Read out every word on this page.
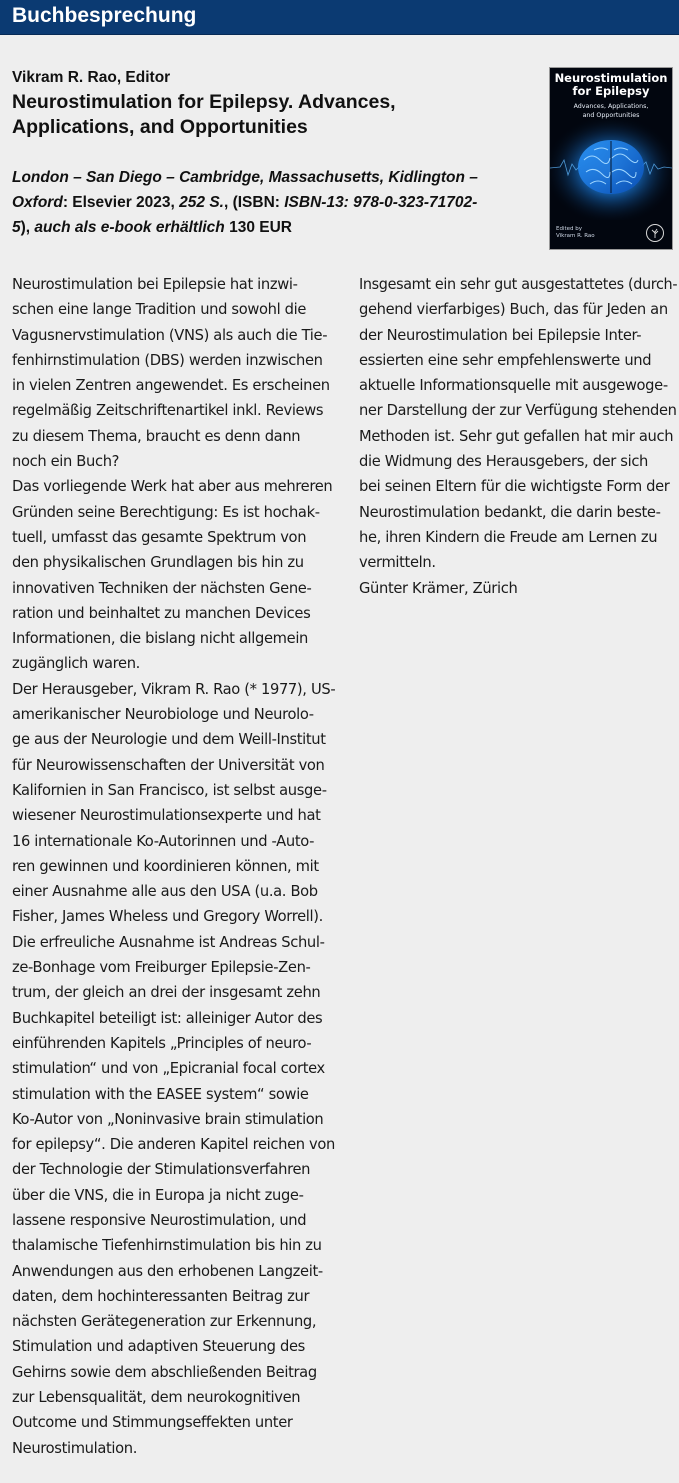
Buchbesprechung
Vikram R. Rao, Editor
Neurostimulation for Epilepsy. Advances,
Applications, and Opportunities
London – San Diego – Cambridge, Massachusetts, Kidlington –
Oxford: Elsevier 2023, 252 S., (ISBN: ISBN-13: 978-0-323-71702-
5), auch als e-book erhältlich 130 EUR
Neurostimulation
for Epilepsy
Advances, Applications,
and Opportunities
Edited by
Vikram R. Rao
Neurostimulation bei Epilepsie hat inzwi-
schen eine lange Tradition und sowohl die
Vagusnervstimulation (VNS) als auch die Tie-
fenhirnstimulation (DBS) werden inzwischen
in vielen Zentren angewendet. Es erscheinen
regelmäßig Zeitschriftenartikel inkl. Reviews
zu diesem Thema, braucht es denn dann
noch ein Buch?
Das vorliegende Werk hat aber aus mehreren
Gründen seine Berechtigung: Es ist hochak-
tuell, umfasst das gesamte Spektrum von
den physikalischen Grundlagen bis hin zu
innovativen Techniken der nächsten Gene-
ration und beinhaltet zu manchen Devices
Informationen, die bislang nicht allgemein
zugänglich waren.
Der Herausgeber, Vikram R. Rao (* 1977), US-
amerikanischer Neurobiologe und Neurolo-
ge aus der Neurologie und dem Weill-Institut
für Neurowissenschaften der Universität von
Kalifornien in San Francisco, ist selbst ausge-
wiesener Neurostimulationsexperte und hat
16 internationale Ko-Autorinnen und -Auto-
ren gewinnen und koordinieren können, mit
einer Ausnahme alle aus den USA (u.a. Bob
Fisher, James Wheless und Gregory Worrell).
Die erfreuliche Ausnahme ist Andreas Schul-
ze-Bonhage vom Freiburger Epilepsie-Zen-
trum, der gleich an drei der insgesamt zehn
Buchkapitel beteiligt ist: alleiniger Autor des
einführenden Kapitels „Principles of neuro-
stimulation“ und von „Epicranial focal cortex
stimulation with the EASEE system“ sowie
Ko-Autor von „Noninvasive brain stimulation
for epilepsy“. Die anderen Kapitel reichen von
der Technologie der Stimulationsverfahren
über die VNS, die in Europa ja nicht zuge-
lassene responsive Neurostimulation, und
thalamische Tiefenhirnstimulation bis hin zu
Anwendungen aus den erhobenen Langzeit-
daten, dem hochinteressanten Beitrag zur
nächsten Gerätegeneration zur Erkennung,
Stimulation und adaptiven Steuerung des
Gehirns sowie dem abschließenden Beitrag
zur Lebensqualität, dem neurokognitiven
Outcome und Stimmungseffekten unter
Neurostimulation.
Insgesamt ein sehr gut ausgestattetes (durch-
gehend vierfarbiges) Buch, das für Jeden an
der Neurostimulation bei Epilepsie Inter-
essierten eine sehr empfehlenswerte und
aktuelle Informationsquelle mit ausgewoge-
ner Darstellung der zur Verfügung stehenden
Methoden ist. Sehr gut gefallen hat mir auch
die Widmung des Herausgebers, der sich
bei seinen Eltern für die wichtigste Form der
Neurostimulation bedankt, die darin beste-
he, ihren Kindern die Freude am Lernen zu
vermitteln.
Günter Krämer, Zürich
